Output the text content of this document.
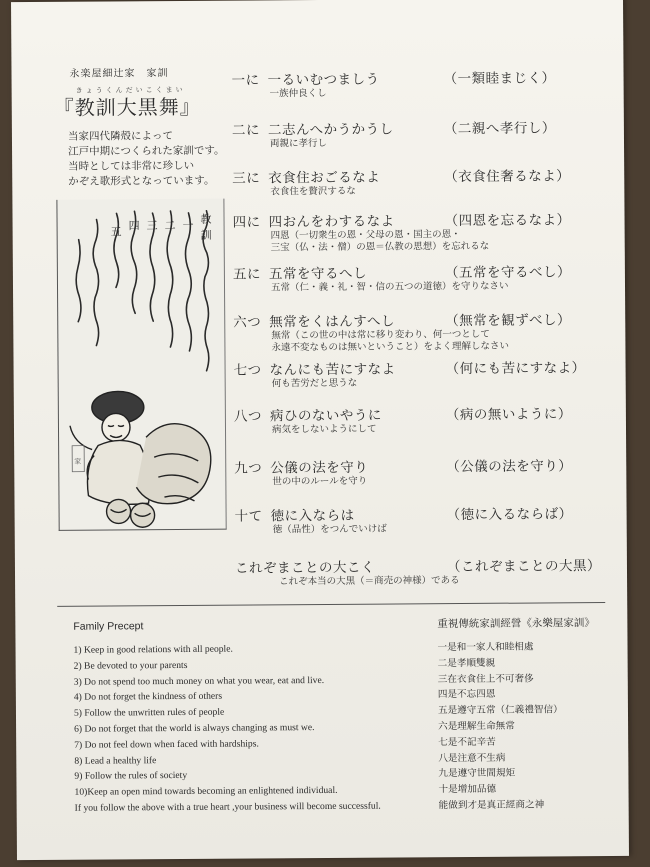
永楽屋細辻家　家訓
きょうくんだいこくまい
『教訓大黒舞』
当家四代隣殻によって
江戸中期につくられた家訓です。
当時としては非常に珍しい
かぞえ歌形式となっています。
教
訓
一
二
三
四
五
家
一に 一るいむつましう	（一類睦まじく）
一族仲良くし
二に 二志んへかうかうし	（二親へ孝行し）
両親に孝行し
三に 衣食住おごるなよ	（衣食住奢るなよ）
衣食住を贅沢するな
四に 四おんをわするなよ	（四恩を忘るなよ）
四恩（一切衆生の恩・父母の恩・国主の恩・
三宝（仏・法・僧）の恩＝仏教の思想）を忘れるな
五に 五常を守るへし	（五常を守るべし）
五常（仁・義・礼・智・信の五つの道徳）を守りなさい
六つ 無常をくはんすへし	（無常を観ずべし）
無常（この世の中は常に移り変わり、何一つとして
永遠不変なものは無いということ）をよく理解しなさい
七つ なんにも苦にすなよ	（何にも苦にすなよ）
何も苦労だと思うな
八つ 病ひのないやうに	（病の無いように）
病気をしないようにして
九つ 公儀の法を守り	（公儀の法を守り）
世の中のルールを守り
十て 徳に入ならは	（徳に入るならば）
徳（品性）をつんでいけば
これぞまことの大こく	（これぞまことの大黒）
これぞ本当の大黒（＝商売の神様）である
Family Precept	重視傳統家訓經營《永樂屋家訓》
1) Keep in good relations with all people.
2) Be devoted to your parents
3) Do not spend too much money on what you wear, eat and live.
4) Do not forget the kindness of others
5) Follow the unwritten rules of people
6) Do not forget that the world is always changing as must we.
7) Do not feel down when faced with hardships.
8) Lead a healthy life
9) Follow the rules of society
10)Keep an open mind towards becoming an enlightened individual.
If you follow the above with a true heart ,your business will become successful.
一是和一家人和睦相處
二是孝順雙親
三在衣食住上不可奢侈
四是不忘四恩
五是遵守五常（仁義禮智信）
六是理解生命無常
七是不記辛苦
八是注意不生病
九是遵守世間規矩
十是增加品德
能做到才是真正經商之神
